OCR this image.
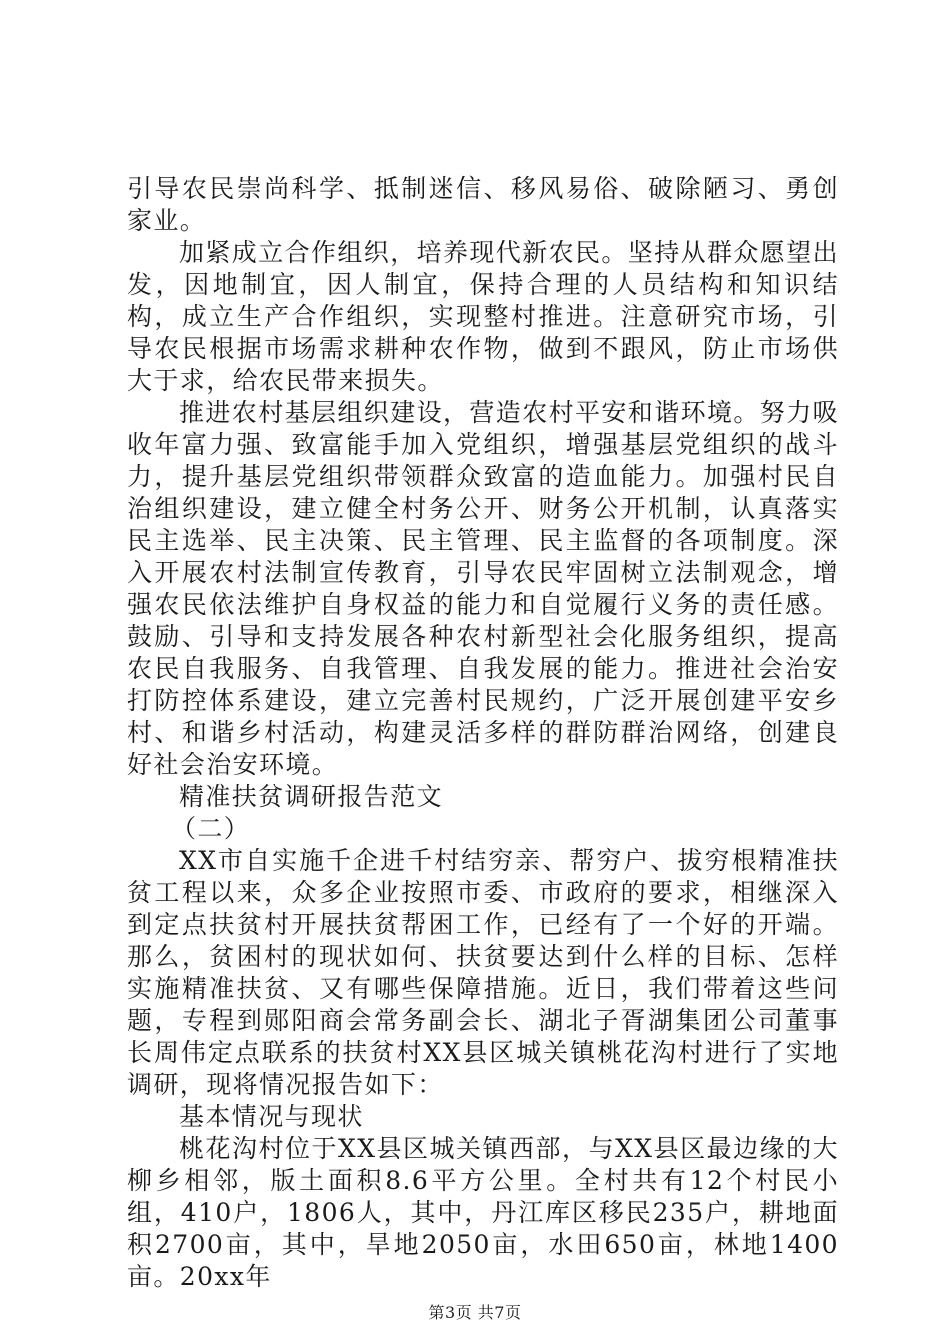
引导农民崇尚科学、抵制迷信、移风易俗、破除陋习、勇创家业。

加紧成立合作组织，培养现代新农民。坚持从群众愿望出发，因地制宜，因人制宜，保持合理的人员结构和知识结构，成立生产合作组织，实现整村推进。注意研究市场，引导农民根据市场需求耕种农作物，做到不跟风，防止市场供大于求，给农民带来损失。

推进农村基层组织建设，营造农村平安和谐环境。努力吸收年富力强、致富能手加入党组织，增强基层党组织的战斗力，提升基层党组织带领群众致富的造血能力。加强村民自治组织建设，建立健全村务公开、财务公开机制，认真落实民主选举、民主决策、民主管理、民主监督的各项制度。深入开展农村法制宣传教育，引导农民牢固树立法制观念，增强农民依法维护自身权益的能力和自觉履行义务的责任感。鼓励、引导和支持发展各种农村新型社会化服务组织，提高农民自我服务、自我管理、自我发展的能力。推进社会治安打防控体系建设，建立完善村民规约，广泛开展创建平安乡村、和谐乡村活动，构建灵活多样的群防群治网络，创建良好社会治安环境。

精准扶贫调研报告范文

（二）

XX市自实施千企进千村结穷亲、帮穷户、拔穷根精准扶贫工程以来，众多企业按照市委、市政府的要求，相继深入到定点扶贫村开展扶贫帮困工作，已经有了一个好的开端。那么，贫困村的现状如何、扶贫要达到什么样的目标、怎样实施精准扶贫、又有哪些保障措施。近日，我们带着这些问题，专程到郧阳商会常务副会长、湖北子胥湖集团公司董事长周伟定点联系的扶贫村XX县区城关镇桃花沟村进行了实地调研，现将情况报告如下：

基本情况与现状

桃花沟村位于XX县区城关镇西部，与XX县区最边缘的大柳乡相邻，版土面积8.6平方公里。全村共有12个村民小组，410户，1806人，其中，丹江库区移民235户，耕地面积2700亩，其中，旱地2050亩，水田650亩，林地1400亩。20xx年

第3页 共7页
